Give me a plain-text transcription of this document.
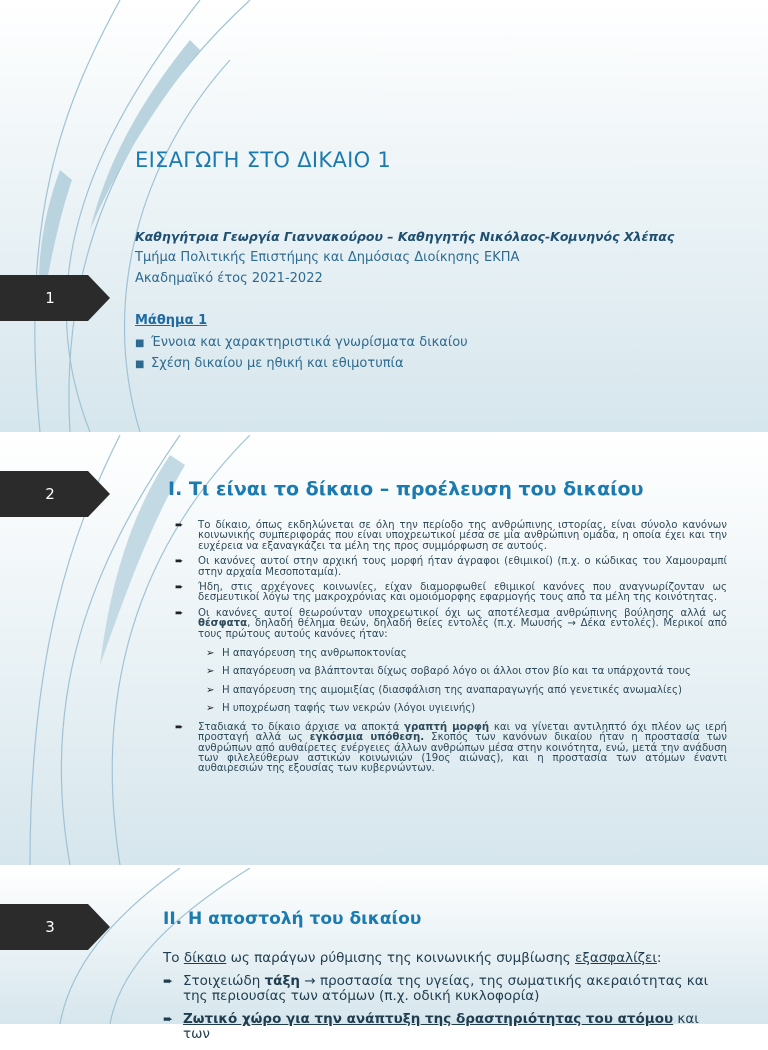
1
ΕΙΣΑΓΩΓΗ ΣΤΟ ΔΙΚΑΙΟ 1
Καθηγήτρια Γεωργία Γιαννακούρου – Καθηγητής Νικόλαος-Κομνηνός Χλέπας
Τμήμα Πολιτικής Επιστήμης και Δημόσιας Διοίκησης ΕΚΠΑ
Ακαδημαϊκό έτος 2021-2022
Μάθημα 1
■ Έννοια και χαρακτηριστικά γνωρίσματα δικαίου
■ Σχέση δικαίου με ηθική και εθιμοτυπία
2	I. Τι είναι το δίκαιο – προέλευση του δικαίου
➨ Το δίκαιο, όπως εκδηλώνεται σε όλη την περίοδο της ανθρώπινης ιστορίας, είναι σύνολο κανόνων κοινωνικής συμπεριφοράς που είναι υποχρεωτικοί μέσα σε μία ανθρώπινη ομάδα, η οποία έχει και την ευχέρεια να εξαναγκάζει τα μέλη της προς συμμόρφωση σε αυτούς.
➨ Οι κανόνες αυτοί στην αρχική τους μορφή ήταν άγραφοι (εθιμικοί) (π.χ. ο κώδικας του Χαμουραμπί στην αρχαία Μεσοποταμία).
➨ Ήδη, στις αρχέγονες κοινωνίες, είχαν διαμορφωθεί εθιμικοί κανόνες που αναγνωρίζονταν ως δεσμευτικοί λόγω της μακροχρόνιας και ομοιόμορφης εφαρμογής τους από τα μέλη της κοινότητας.
➨ Οι κανόνες αυτοί θεωρούνταν υποχρεωτικοί όχι ως αποτέλεσμα ανθρώπινης βούλησης αλλά ως θέσφατα, δηλαδή θέλημα θεών, δηλαδή θείες εντολές (π.χ. Μωυσής → Δέκα εντολές). Μερικοί από τους πρώτους αυτούς κανόνες ήταν:
➢ Η απαγόρευση της ανθρωποκτονίας
➢ Η απαγόρευση να βλάπτονται δίχως σοβαρό λόγο οι άλλοι στον βίο και τα υπάρχοντά τους
➢ Η απαγόρευση της αιμομιξίας (διασφάλιση της αναπαραγωγής από γενετικές ανωμαλίες)
➢ Η υποχρέωση ταφής των νεκρών (λόγοι υγιεινής)
➨ Σταδιακά το δίκαιο άρχισε να αποκτά γραπτή μορφή και να γίνεται αντιληπτό όχι πλέον ως ιερή προσταγή αλλά ως εγκόσμια υπόθεση. Σκοπός των κανόνων δικαίου ήταν η προστασία των ανθρώπων από αυθαίρετες ενέργειες άλλων ανθρώπων μέσα στην κοινότητα, ενώ, μετά την ανάδυση των φιλελεύθερων αστικών κοινωνιών (19ος αιώνας), και η προστασία των ατόμων έναντι αυθαιρεσιών της εξουσίας των κυβερνώντων.
3	II. Η αποστολή του δικαίου
Το δίκαιο ως παράγων ρύθμισης της κοινωνικής συμβίωσης εξασφαλίζει:
➨ Στοιχειώδη τάξη → προστασία της υγείας, της σωματικής ακεραιότητας και της περιουσίας των ατόμων (π.χ. οδική κυκλοφορία)
➨ Ζωτικό χώρο για την ανάπτυξη της δραστηριότητας του ατόμου και των
